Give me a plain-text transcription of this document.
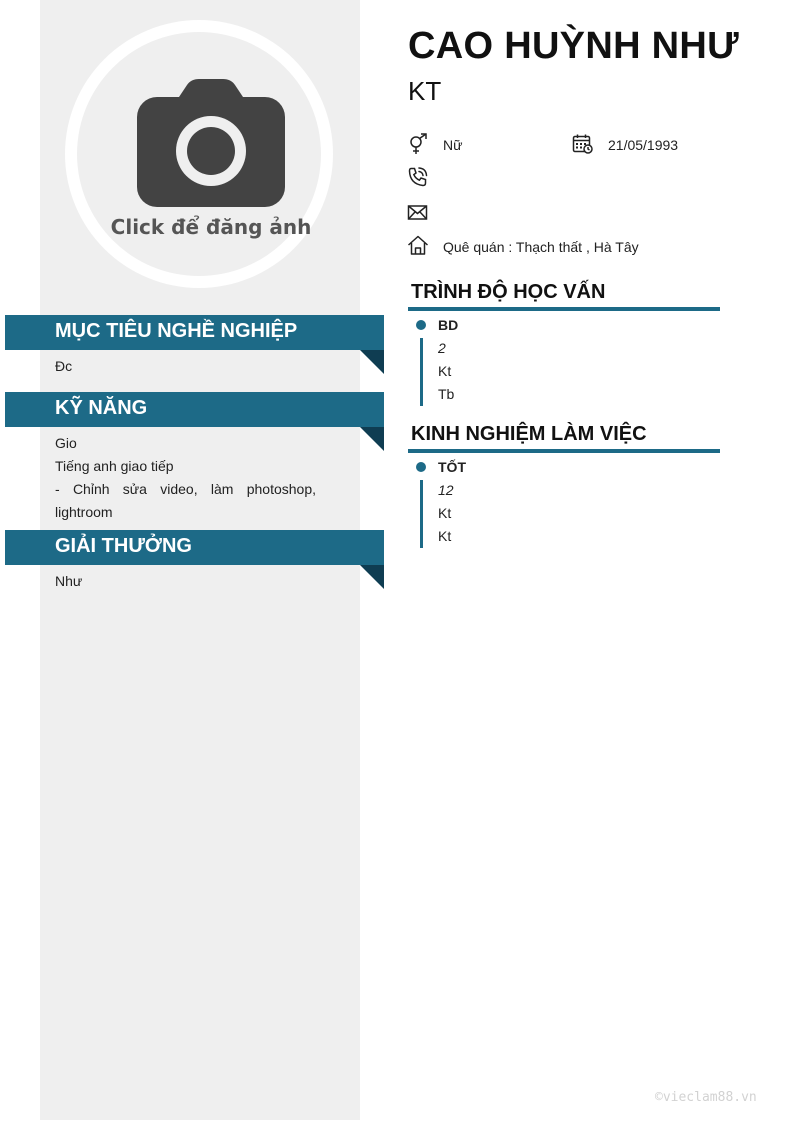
Click để đăng ảnh
MỤC TIÊU NGHỀ NGHIỆP
Đc
KỸ NĂNG
Gio
Tiếng anh giao tiếp
- Chỉnh sửa video, làm photoshop, lightroom
GIẢI THƯỞNG
Như
CAO HUỲNH NHƯ
KT
Nữ	21/05/1993
Quê quán : Thạch thất , Hà Tây
TRÌNH ĐỘ HỌC VẤN
BD
2
Kt
Tb
KINH NGHIỆM LÀM VIỆC
TỐT
12
Kt
Kt
©vieclam88.vn
